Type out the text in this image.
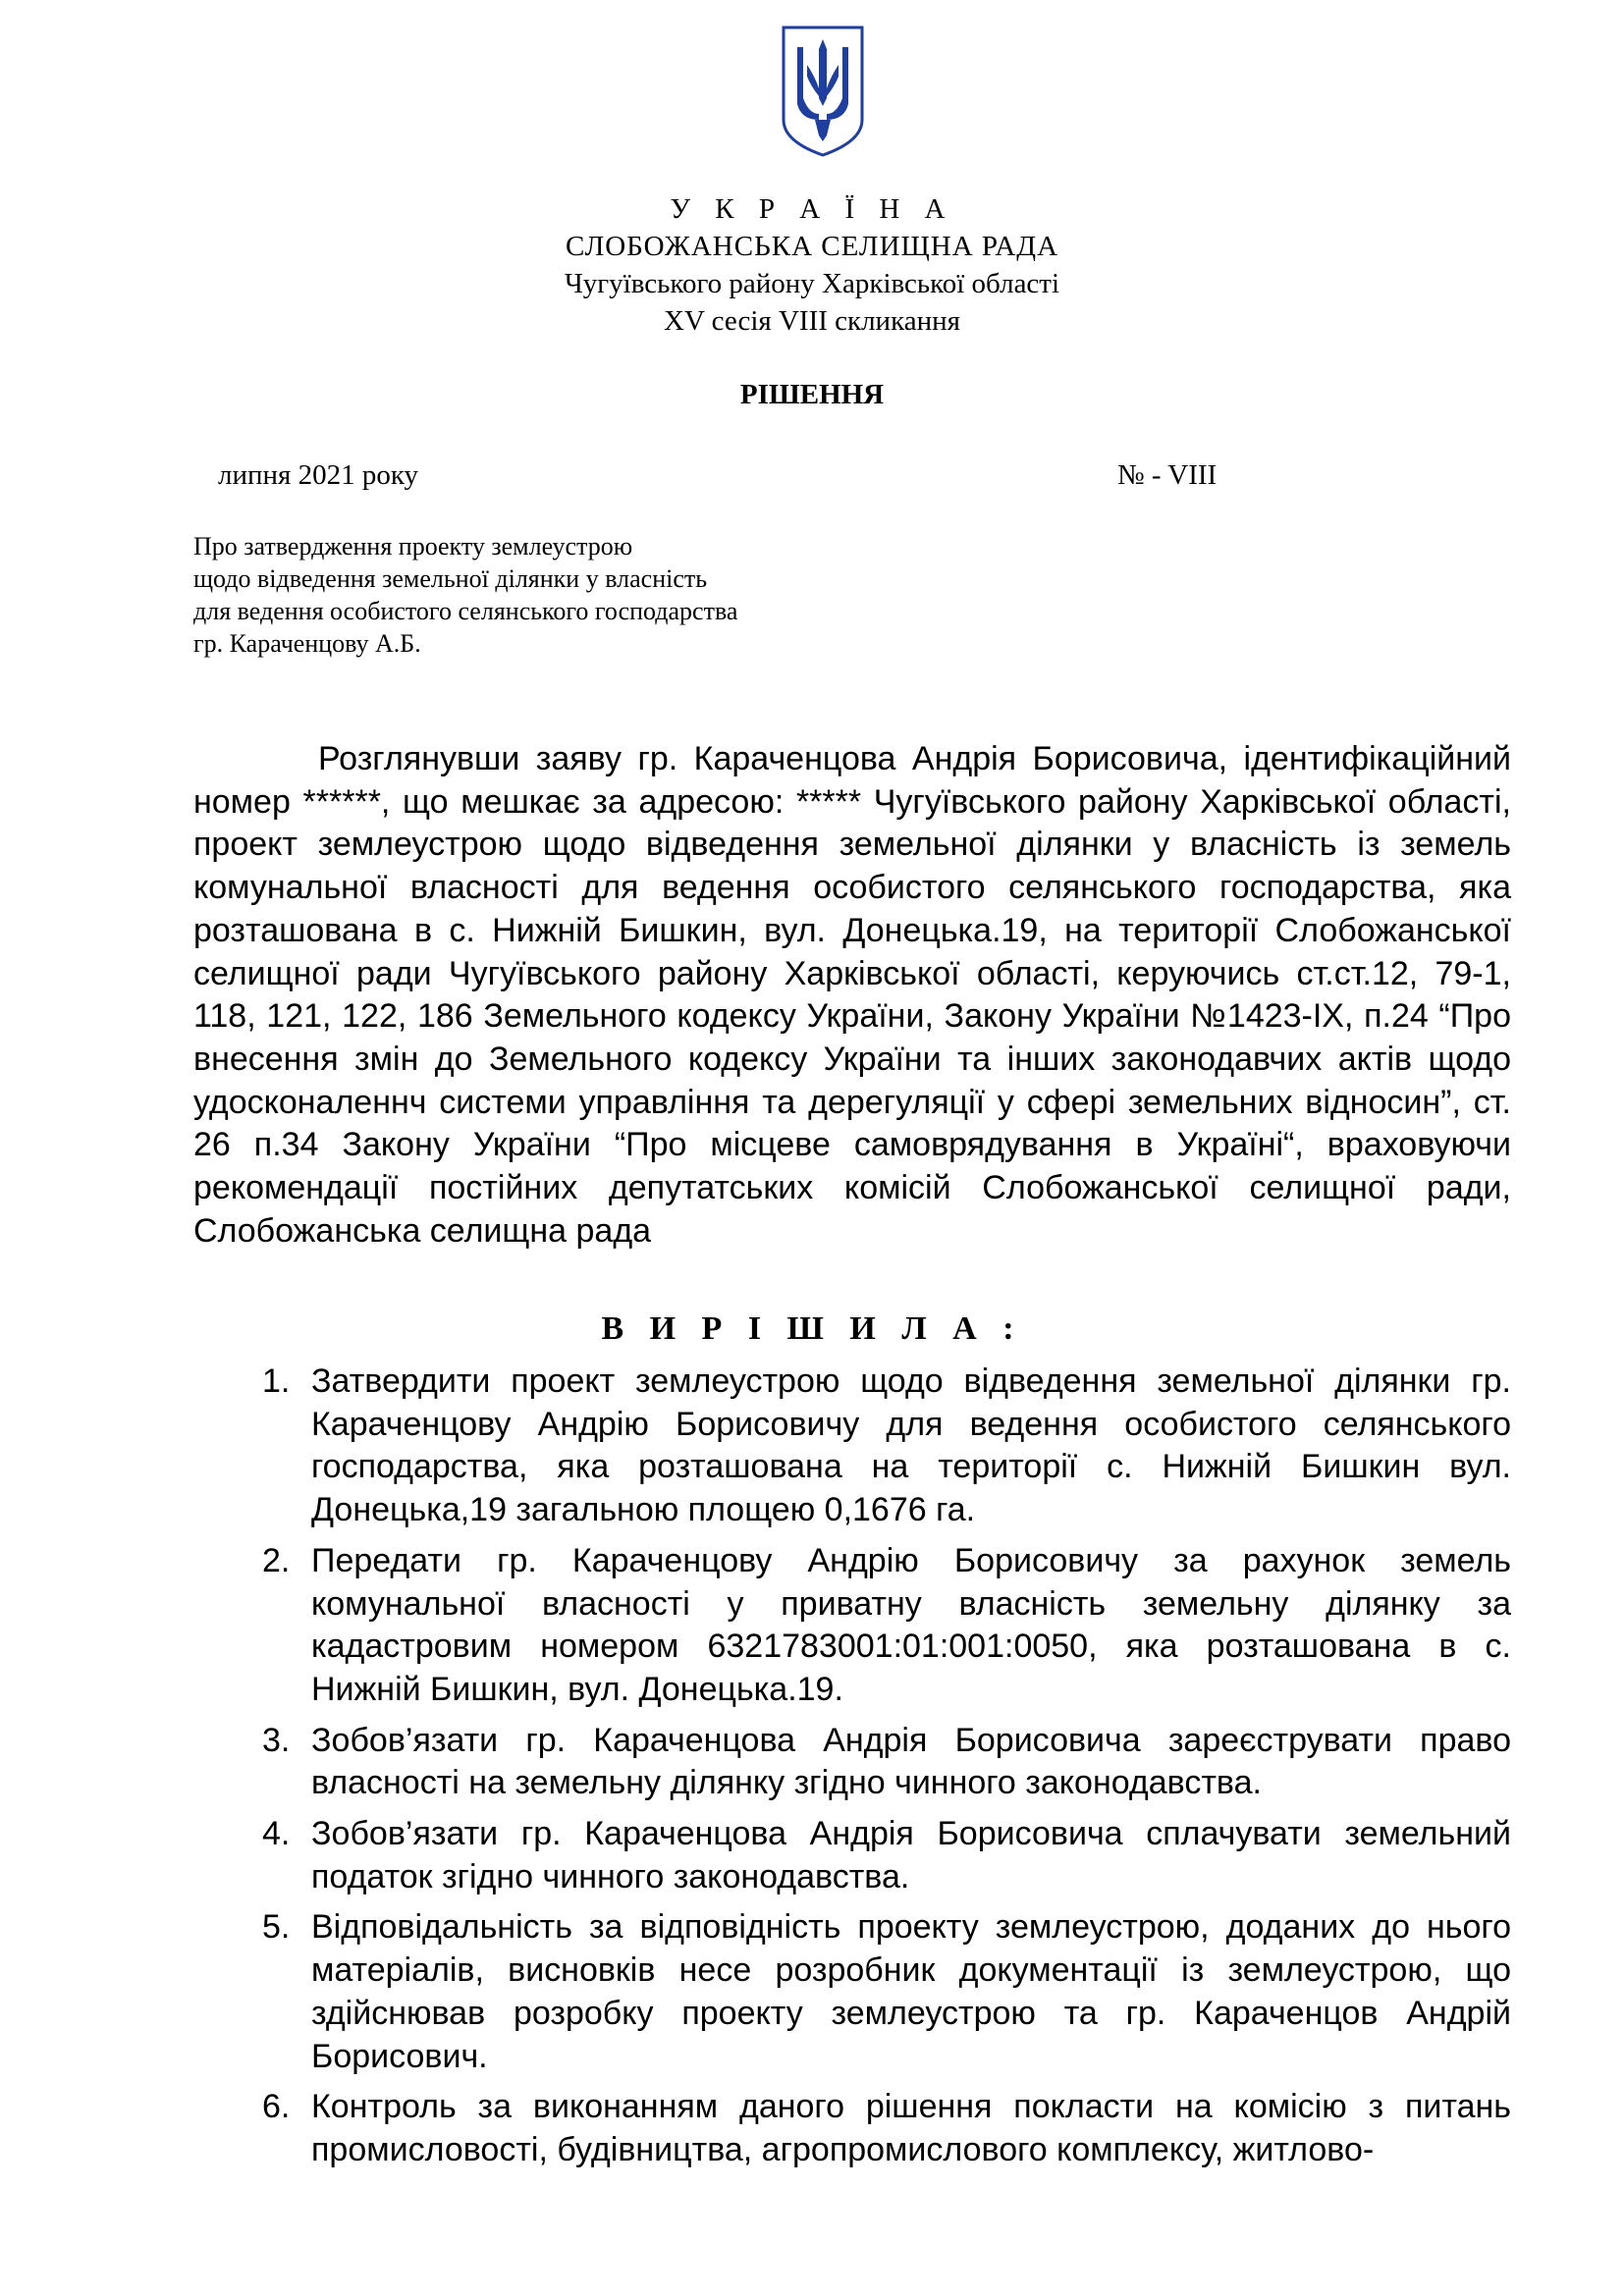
У К Р А Ї Н А
СЛОБОЖАНСЬКА СЕЛИЩНА РАДА
Чугуївського району Харківської області
XV сесія VIII скликання
РІШЕННЯ
липня 2021 року	№ - VIII
Про затвердження проекту землеустрою
щодо відведення земельної ділянки у власність
для ведення особистого селянського господарства
гр. Караченцову А.Б.
Розглянувши заяву гр. Караченцова Андрія Борисовича, ідентифікаційний номер ******, що мешкає за адресою: ***** Чугуївського району Харківської області, проект землеустрою щодо відведення земельної ділянки у власність із земель комунальної власності для ведення особистого селянського господарства, яка розташована в с. Нижній Бишкин, вул. Донецька.19, на території Слобожанської селищної ради Чугуївського району Харківської області, керуючись ст.ст.12, 79-1, 118, 121, 122, 186 Земельного кодексу України, Закону України №1423-IX, п.24 “Про внесення змін до Земельного кодексу України та інших законодавчих актів щодо удосконаленнч системи управління та дерегуляції у сфері земельних відносин”, ст. 26 п.34 Закону України “Про місцеве самоврядування в Україні“, враховуючи рекомендації постійних депутатських комісій Слобожанської селищної ради, Слобожанська селищна рада
В И Р І Ш И Л А :
1. Затвердити проект землеустрою щодо відведення земельної ділянки гр. Караченцову Андрію Борисовичу для ведення особистого селянського господарства, яка розташована на території с. Нижній Бишкин вул. Донецька,19 загальною площею 0,1676 га.
2. Передати гр. Караченцову Андрію Борисовичу за рахунок земель комунальної власності у приватну власність земельну ділянку за кадастровим номером 6321783001:01:001:0050, яка розташована в с. Нижній Бишкин, вул. Донецька.19.
3. Зобов’язати гр. Караченцова Андрія Борисовича зареєструвати право власності на земельну ділянку згідно чинного законодавства.
4. Зобов’язати гр. Караченцова Андрія Борисовича сплачувати земельний податок згідно чинного законодавства.
5. Відповідальність за відповідність проекту землеустрою, доданих до нього матеріалів, висновків несе розробник документації із землеустрою, що здійснював розробку проекту землеустрою та гр. Караченцов Андрій Борисович.
6. Контроль за виконанням даного рішення покласти на комісію з питань промисловості, будівництва, агропромислового комплексу, житлово-
